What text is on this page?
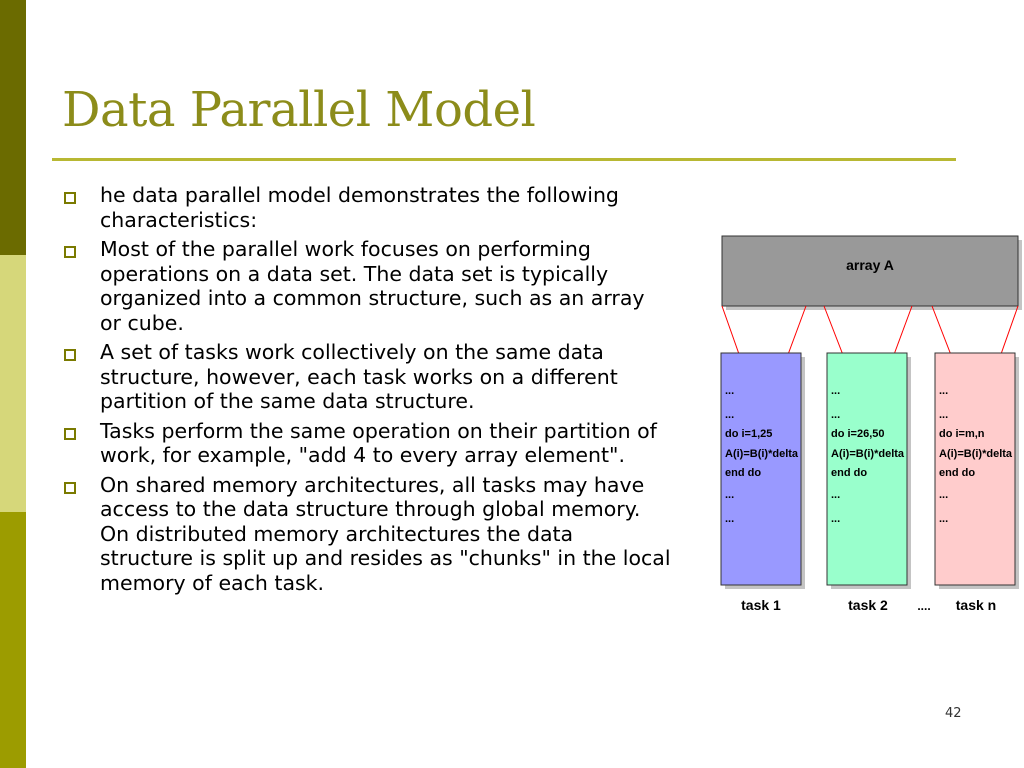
Data Parallel Model
he data parallel model demonstrates the following characteristics:
Most of the parallel work focuses on performing operations on a data set. The data set is typically organized into a common structure, such as an array or cube.
A set of tasks work collectively on the same data structure, however, each task works on a different partition of the same data structure.
Tasks perform the same operation on their partition of work, for example, "add 4 to every array element".
On shared memory architectures, all tasks may have access to the data structure through global memory. On distributed memory architectures the data structure is split up and resides as "chunks" in the local memory of each task.
array A
...
...
do i=1,25
A(i)=B(i)*delta
end do
...
...
task 1
...
...
do i=26,50
A(i)=B(i)*delta
end do
...
...
task 2 ....
...
...
do i=m,n
A(i)=B(i)*delta
end do
...
...
task n
42
